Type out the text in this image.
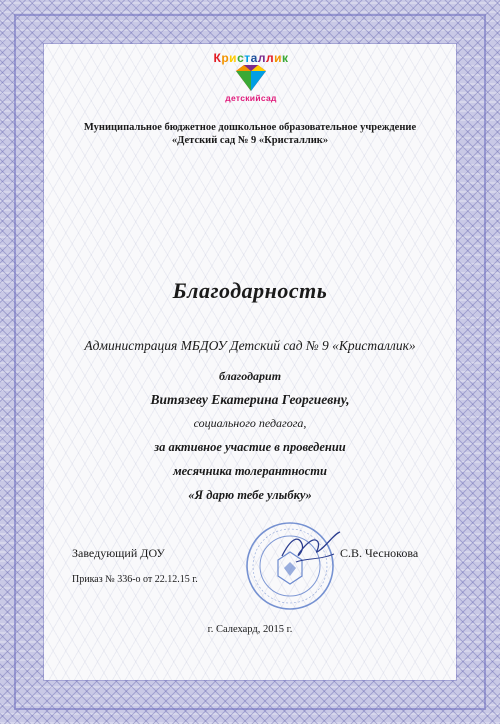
Кристаллик
детскийсад
Муниципальное бюджетное дошкольное образовательное учреждение
«Детский сад № 9 «Кристаллик»
Благодарность
Администрация МБДОУ Детский сад № 9 «Кристаллик»
благодарит
Витязеву Екатерина Георгиевну,
социального педагога,
за активное участие в проведении
месячника толерантности
«Я дарю тебе улыбку»
Заведующий ДОУ	С.В. Чеснокова
Приказ № 336-о от 22.12.15 г.
г. Салехард, 2015 г.
